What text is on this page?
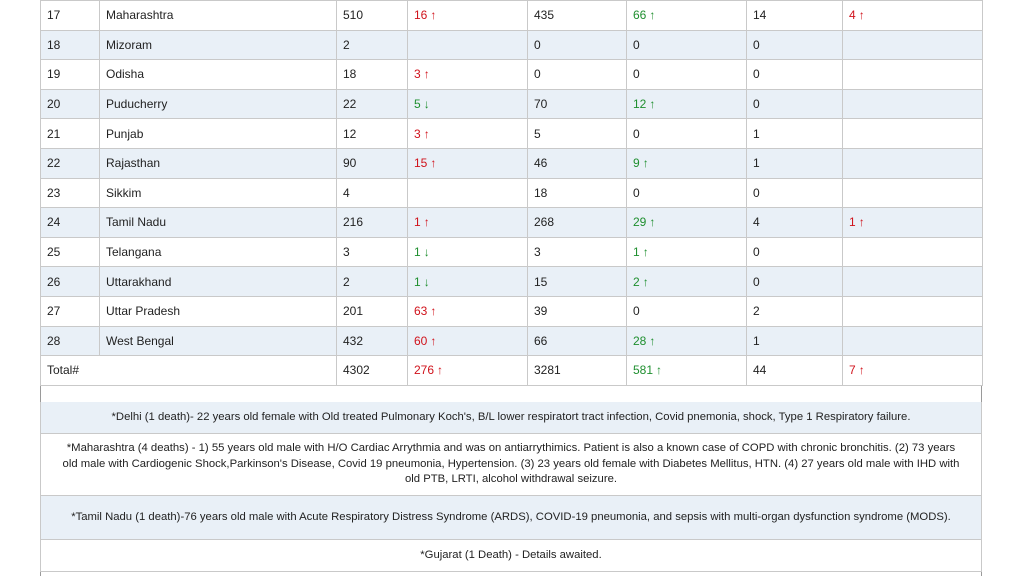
17	Maharashtra	510	16 ↑	435	66 ↑	14	4 ↑
18	Mizoram	2		0	0	0	
19	Odisha	18	3 ↑	0	0	0	
20	Puducherry	22	5 ↓	70	12 ↑	0	
21	Punjab	12	3 ↑	5	0	1	
22	Rajasthan	90	15 ↑	46	9 ↑	1	
23	Sikkim	4		18	0	0	
24	Tamil Nadu	216	1 ↑	268	29 ↑	4	1 ↑
25	Telangana	3	1 ↓	3	1 ↑	0	
26	Uttarakhand	2	1 ↓	15	2 ↑	0	
27	Uttar Pradesh	201	63 ↑	39	0	2	
28	West Bengal	432	60 ↑	66	28 ↑	1	
Total#		4302	276 ↑	3281	581 ↑	44	7 ↑
*Delhi (1 death)- 22 years old female with Old treated Pulmonary Koch's, B/L lower respiratort tract infection, Covid pnemonia, shock, Type 1 Respiratory failure.
*Maharashtra (4 deaths) - 1) 55 years old male with H/O Cardiac Arrythmia and was on antiarrythimics. Patient is also a known case of COPD with chronic bronchitis. (2) 73 years old male with Cardiogenic Shock,Parkinson's Disease, Covid 19 pneumonia, Hypertension. (3) 23 years old female with Diabetes Mellitus, HTN. (4) 27 years old male with IHD with old PTB, LRTI, alcohol withdrawal seizure.
*Tamil Nadu (1 death)-76 years old male with Acute Respiratory Distress Syndrome (ARDS), COVID-19 pneumonia, and sepsis with multi-organ dysfunction syndrome (MODS).
*Gujarat (1 Death) - Details awaited.
